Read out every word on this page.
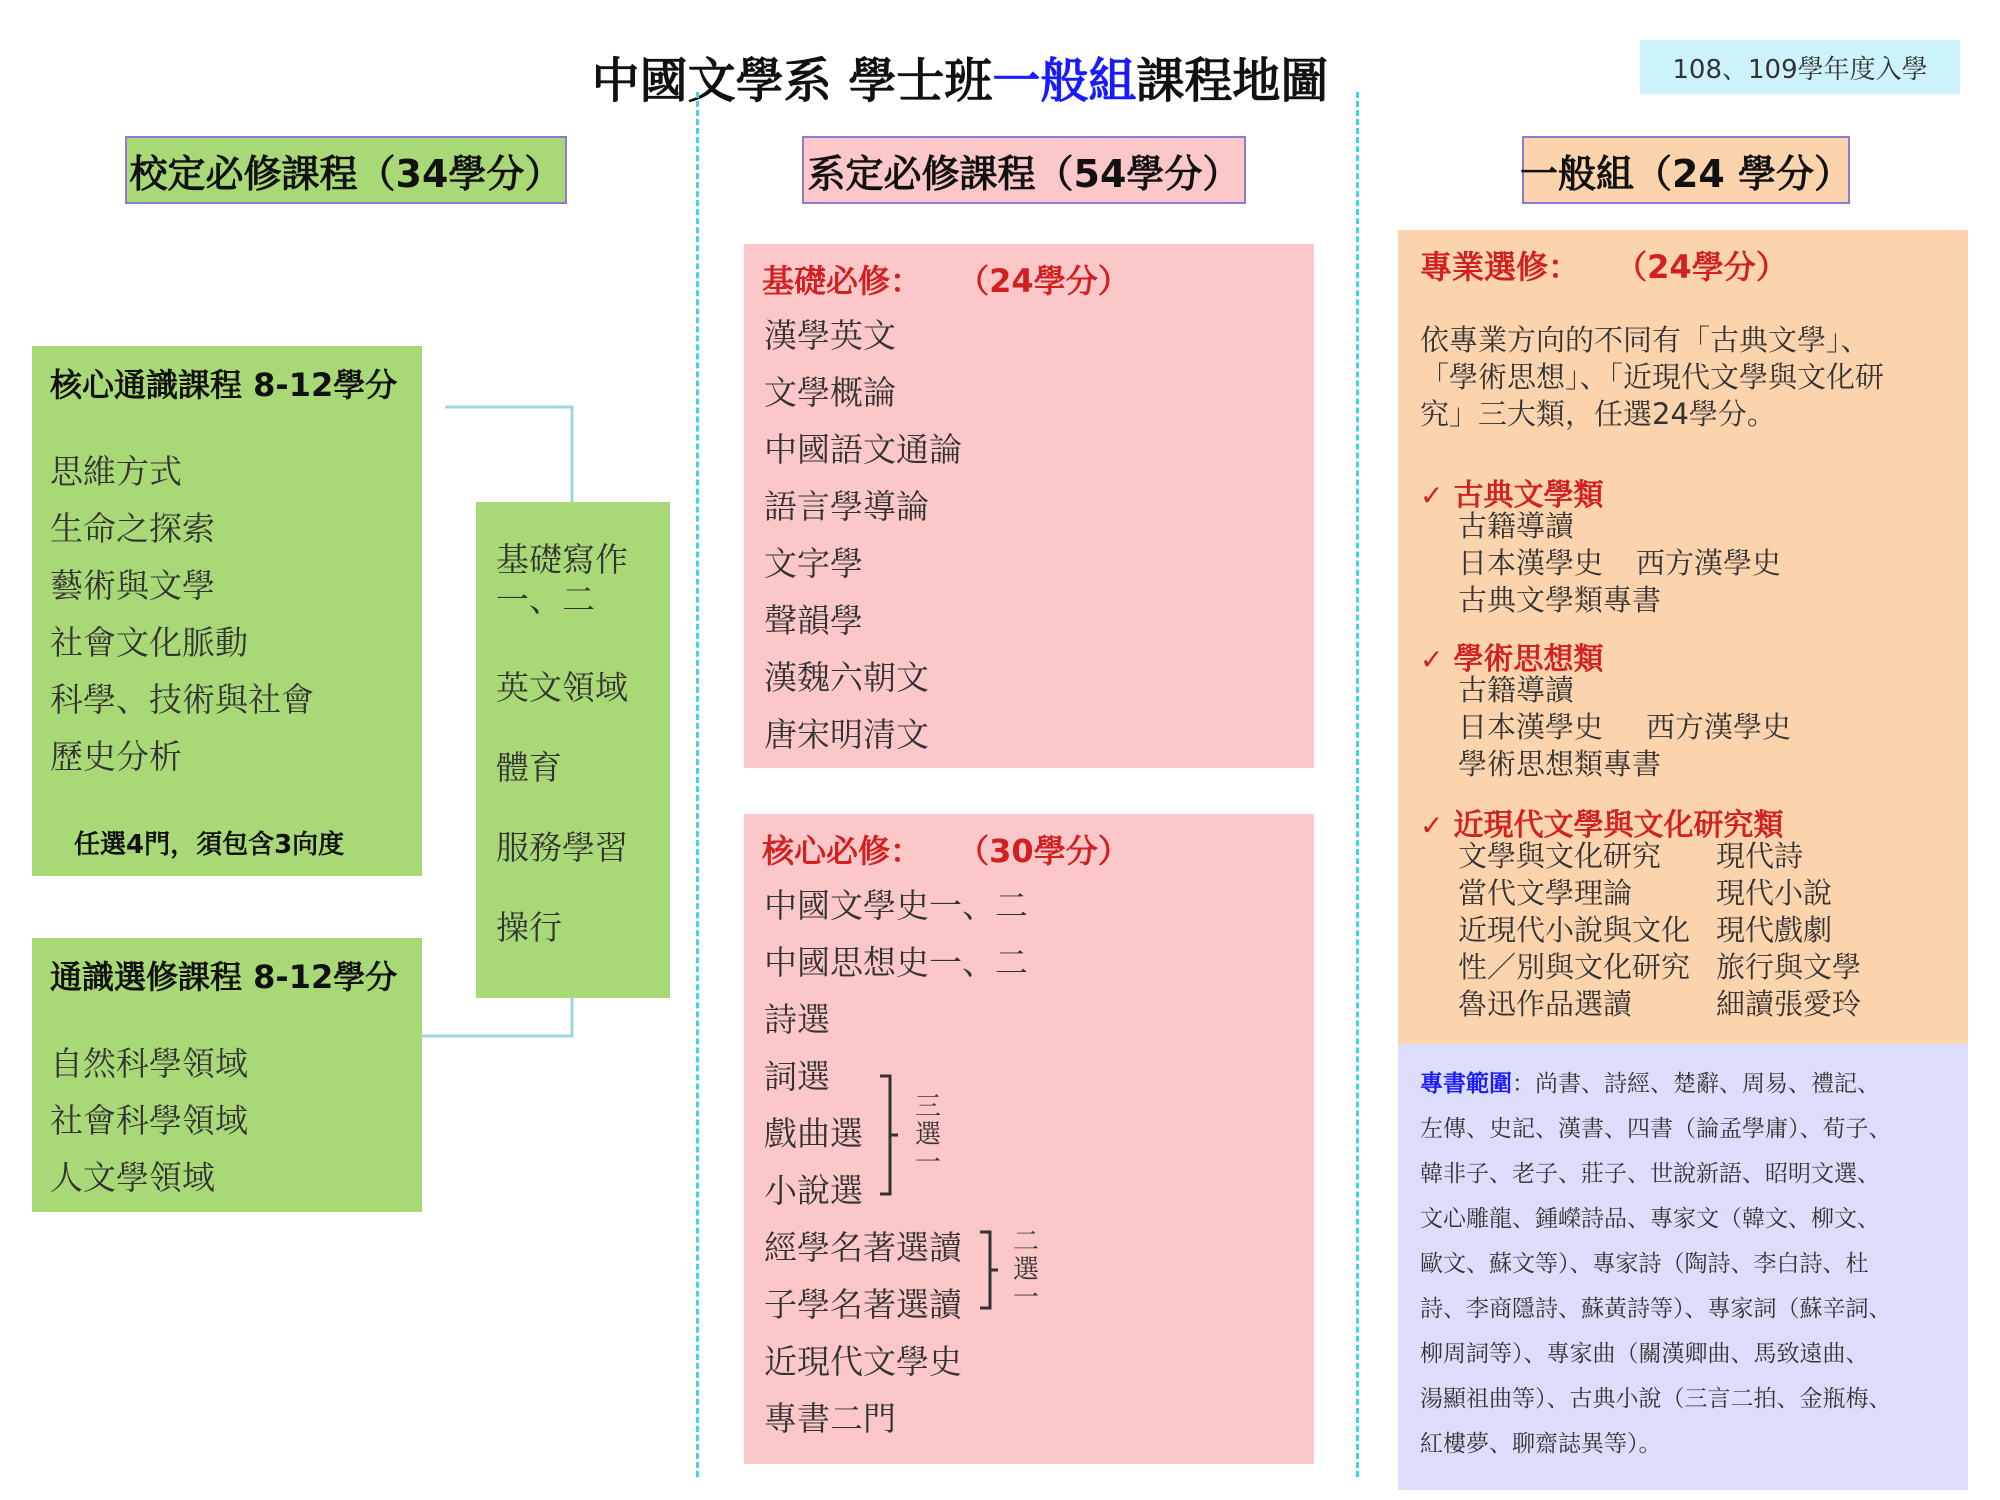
中國文學系 學士班一般組課程地圖	108、109學年度入學
校定必修課程（34學分）	系定必修課程（54學分）	一般組（24 學分）
核心通識課程 8-12學分
思維方式
生命之探索
藝術與文學
社會文化脈動
科學、技術與社會
歷史分析
任選4門，須包含3向度
通識選修課程 8-12學分
自然科學領域
社會科學領域
人文學領域
基礎寫作
一、二
英文領域
體育
服務學習
操行
基礎必修： （24學分）
漢學英文
文學概論
中國語文通論
語言學導論
文字學
聲韻學
漢魏六朝文
唐宋明清文
核心必修： （30學分）
中國文學史一、二
中國思想史一、二
詩選
詞選
戲曲選
小說選
經學名著選讀
子學名著選讀
近現代文學史
專書二門
三選一
二選一
專業選修： （24學分）
依專業方向的不同有「古典文學」、
「學術思想」、「近現代文學與文化研
究」三大類，任選24學分。
✓ 古典文學類
古籍導讀
日本漢學史 西方漢學史
古典文學類專書
✓ 學術思想類
古籍導讀
日本漢學史 西方漢學史
學術思想類專書
✓ 近現代文學與文化研究類
文學與文化研究 現代詩
當代文學理論	現代小說
近現代小說與文化 現代戲劇
性／別與文化研究 旅行與文學
魯迅作品選讀	細讀張愛玲
專書範圍：尚書、詩經、楚辭、周易、禮記、
左傳、史記、漢書、四書（論孟學庸）、荀子、
韓非子、老子、莊子、世說新語、昭明文選、
文心雕龍、鍾嶸詩品、專家文（韓文、柳文、
歐文、蘇文等）、專家詩（陶詩、李白詩、杜
詩、李商隱詩、蘇黃詩等）、專家詞（蘇辛詞、
柳周詞等）、專家曲（關漢卿曲、馬致遠曲、
湯顯祖曲等）、古典小說（三言二拍、金瓶梅、
紅樓夢、聊齋誌異等）。
